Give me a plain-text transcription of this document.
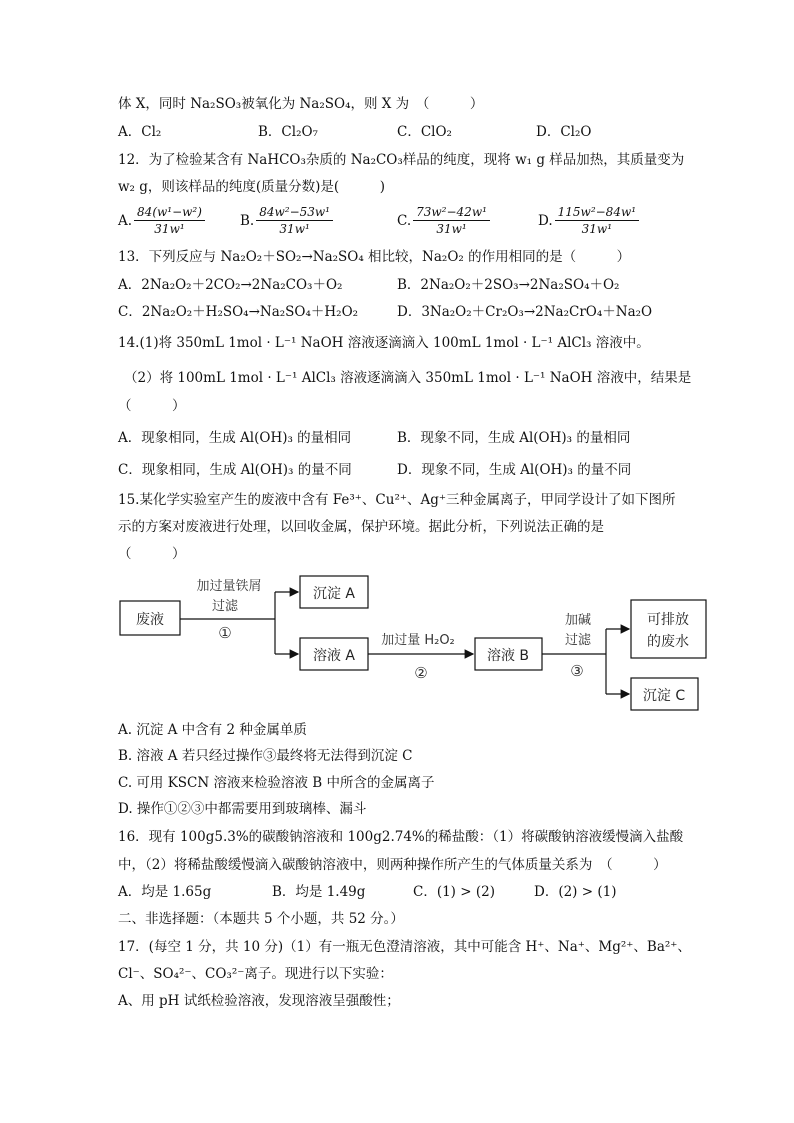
体 X，同时 Na₂SO₃被氧化为 Na₂SO₄，则 X 为　（　　　）
A．Cl₂	B．Cl₂O₇	C．ClO₂	D．Cl₂O
12．为了检验某含有 NaHCO₃杂质的 Na₂CO₃样品的纯度，现将 w₁ g 样品加热，其质量变为
w₂ g，则该样品的纯度(质量分数)是(　　　)
A. $\frac{\text{84(w¹−w²)}}{\text{31w¹}}$	B. $\frac{\text{84w²−53w¹}}{\text{31w¹}}$	C. $\frac{\text{73w²−42w¹}}{\text{31w¹}}$	D. $\frac{\text{115w²−84w¹}}{\text{31w¹}}$
13．下列反应与 Na₂O₂＋SO₂→Na₂SO₄ 相比较，Na₂O₂ 的作用相同的是（　　　）
A．2Na₂O₂＋2CO₂→2Na₂CO₃＋O₂	B．2Na₂O₂＋2SO₃→2Na₂SO₄＋O₂
C．2Na₂O₂＋H₂SO₄→Na₂SO₄＋H₂O₂	D．3Na₂O₂＋Cr₂O₃→2Na₂CrO₄＋Na₂O
14.(1)将 350mL 1mol · L⁻¹ NaOH 溶液逐滴滴入 100mL 1mol · L⁻¹ AlCl₃ 溶液中。
（2）将 100mL 1mol · L⁻¹ AlCl₃ 溶液逐滴滴入 350mL 1mol · L⁻¹ NaOH 溶液中，结果是
（　　　）
A．现象相同，生成 Al(OH)₃ 的量相同	B．现象不同，生成 Al(OH)₃ 的量相同
C．现象相同，生成 Al(OH)₃ 的量不同	D．现象不同，生成 Al(OH)₃ 的量不同
15.某化学实验室产生的废液中含有 Fe³⁺、Cu²⁺、Ag⁺三种金属离子，甲同学设计了如下图所
示的方案对废液进行处理，以回收金属，保护环境。据此分析，下列说法正确的是
（　　　）
废液
沉淀 A
溶液 A	溶液 B
可排放
的废水
沉淀 C
加过量铁屑
过滤
①	加过量 H₂O₂
②
加碱
过滤
③
A. 沉淀 A 中含有 2 种金属单质
B. 溶液 A 若只经过操作③最终将无法得到沉淀 C
C. 可用 KSCN 溶液来检验溶液 B 中所含的金属离子
D. 操作①②③中都需要用到玻璃棒、漏斗
16．现有 100g5.3%的碳酸钠溶液和 100g2.74%的稀盐酸：（1）将碳酸钠溶液缓慢滴入盐酸
中，（2）将稀盐酸缓慢滴入碳酸钠溶液中，则两种操作所产生的气体质量关系为　（　　　）
A．均是 1.65g	B．均是 1.49g	C．(1) > (2)	D．(2) > (1)
二、非选择题：（本题共 5 个小题，共 52 分。）
17．(每空 1 分，共 10 分)（1）有一瓶无色澄清溶液，其中可能含 H⁺、Na⁺、Mg²⁺、Ba²⁺、
Cl⁻、SO₄²⁻、CO₃²⁻离子。现进行以下实验：
A、用 pH 试纸检验溶液，发现溶液呈强酸性；
